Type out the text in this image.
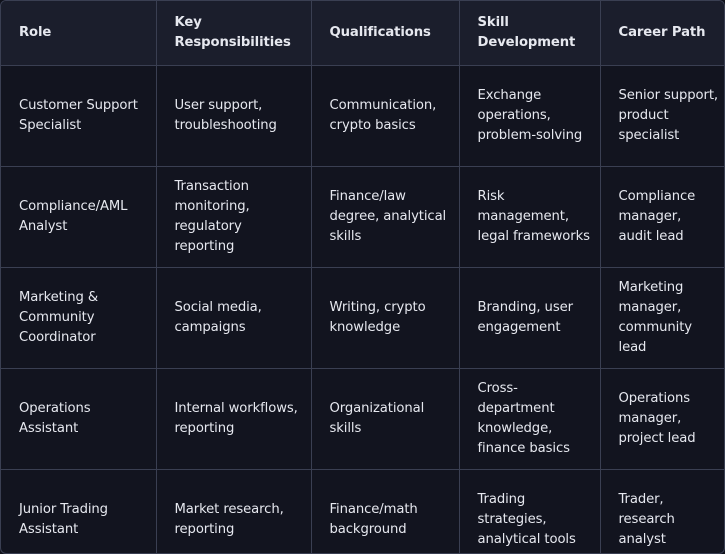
Role	Key Responsibilities	Qualifications	Skill Development	Career Path
Customer Support Specialist	User support, troubleshooting	Communication, crypto basics	Exchange operations, problem-solving	Senior support, product specialist
Compliance/AML Analyst	Transaction monitoring, regulatory reporting	Finance/law degree, analytical skills	Risk management, legal frameworks	Compliance manager, audit lead
Marketing & Community Coordinator	Social media, campaigns	Writing, crypto knowledge	Branding, user engagement	Marketing manager, community lead
Operations Assistant	Internal workflows, reporting	Organizational skills	Cross-department knowledge, finance basics	Operations manager, project lead
Junior Trading Assistant	Market research, reporting	Finance/math background	Trading strategies, analytical tools	Trader, research analyst
